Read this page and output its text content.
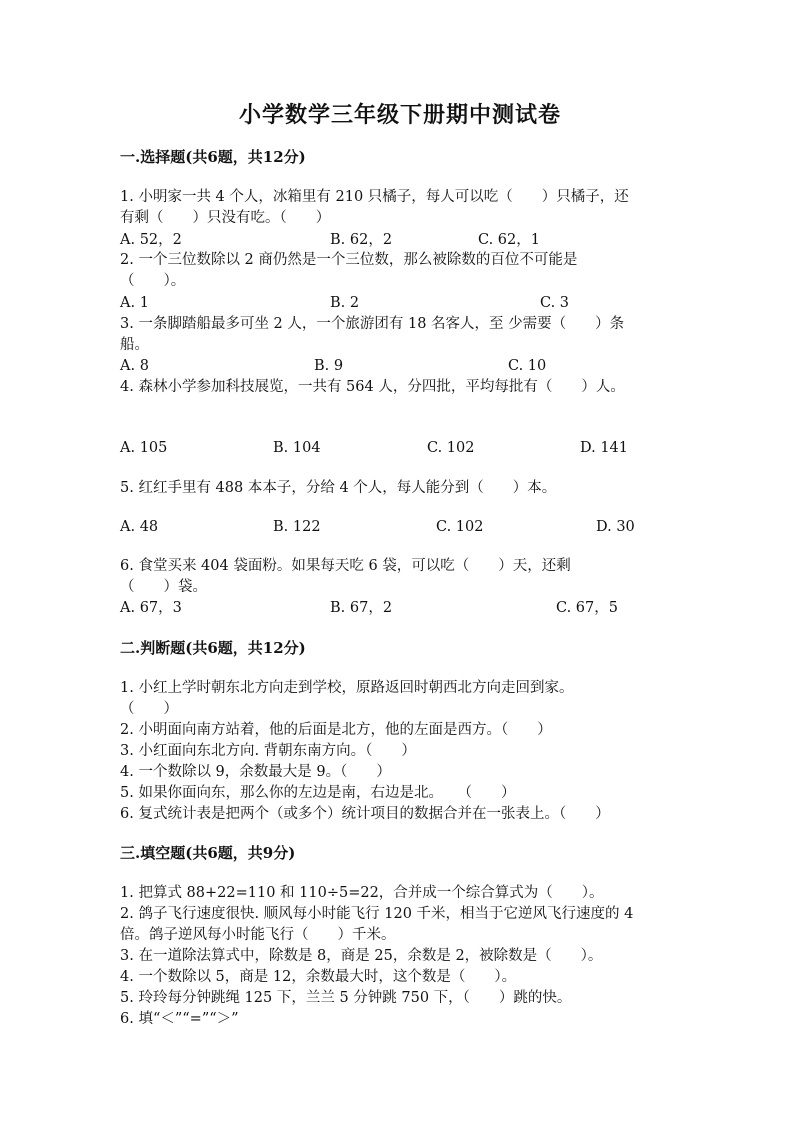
小学数学三年级下册期中测试卷
一.选择题(共6题，共12分)
1. 小明家一共 4 个人，冰箱里有 210 只橘子，每人可以吃（　　）只橘子，还
有剩（　　）只没有吃。（　　）
A. 52，2	B. 62，2	C. 62，1
2. 一个三位数除以 2 商仍然是一个三位数，那么被除数的百位不可能是
（　　）。
A. 1	B. 2	C. 3
3. 一条脚踏船最多可坐 2 人，一个旅游团有 18 名客人，至 少需要（　　）条
船。
A. 8	B. 9	C. 10
4. 森林小学参加科技展览，一共有 564 人，分四批，平均每批有（　　）人。
A. 105	B. 104	C. 102	D. 141
5. 红红手里有 488 本本子，分给 4 个人，每人能分到（　　）本。
A. 48	B. 122	C. 102	D. 30
6. 食堂买来 404 袋面粉。如果每天吃 6 袋，可以吃（　　）天，还剩
（　　）袋。
A. 67，3	B. 67，2	C. 67，5
二.判断题(共6题，共12分)
1. 小红上学时朝东北方向走到学校，原路返回时朝西北方向走回到家。
（　　）
2. 小明面向南方站着，他的后面是北方，他的左面是西方。（　　）
3. 小红面向东北方向. 背朝东南方向。（　　）
4. 一个数除以 9，余数最大是 9。（　　）
5. 如果你面向东，那么你的左边是南，右边是北。　　（　　）
6. 复式统计表是把两个（或多个）统计项目的数据合并在一张表上。（　　）
三.填空题(共6题，共9分)
1. 把算式 88+22=110 和 110÷5=22，合并成一个综合算式为（　　）。
2. 鸽子飞行速度很快. 顺风每小时能飞行 120 千米，相当于它逆风飞行速度的 4
倍。鸽子逆风每小时能飞行（　　）千米。
3. 在一道除法算式中，除数是 8，商是 25，余数是 2，被除数是（　　）。
4. 一个数除以 5，商是 12，余数最大时，这个数是（　　）。
5. 玲玲每分钟跳绳 125 下，兰兰 5 分钟跳 750 下，（　　）跳的快。
6. 填“＜”“=”“＞”
